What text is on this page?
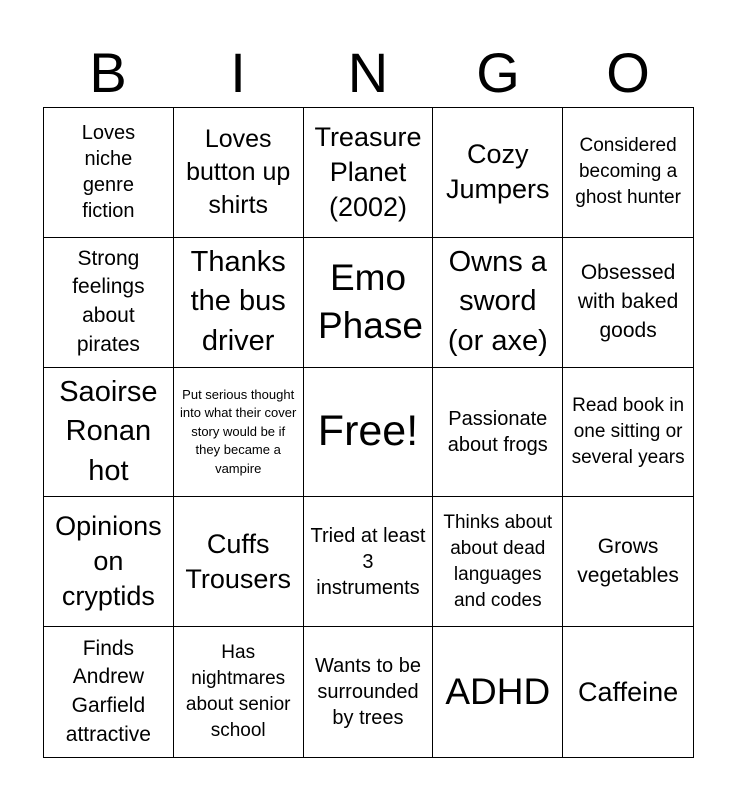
B	I	N	G	O
Loves niche genre fiction
Loves button up shirts
Treasure Planet (2002)
Cozy Jumpers
Considered becoming a ghost hunter
Strong feelings about pirates
Thanks the bus driver
Emo Phase
Owns a sword (or axe)
Obsessed with baked goods
Saoirse Ronan hot
Put serious thought into what their cover story would be if they became a vampire
Free!	Passionate about frogs
Read book in one sitting or several years
Opinions on cryptids
Cuffs Trousers
Tried at least 3 instruments
Thinks about about dead languages and codes
Grows vegetables
Finds Andrew Garfield attractive
Has nightmares about senior school
Wants to be surrounded by trees
ADHD Caffeine
